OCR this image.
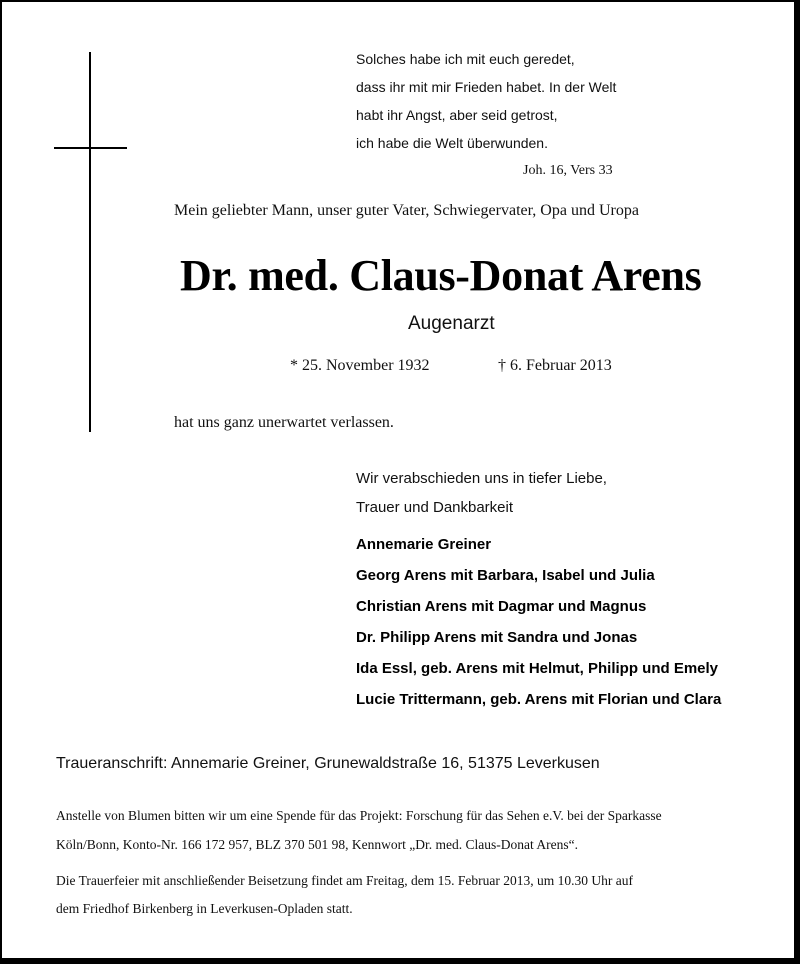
Solches habe ich mit euch geredet,
dass ihr mit mir Frieden habet. In der Welt
habt ihr Angst, aber seid getrost,
ich habe die Welt überwunden.
Joh. 16, Vers 33
Mein geliebter Mann, unser guter Vater, Schwiegervater, Opa und Uropa
Dr. med. Claus-Donat Arens
Augenarzt
* 25. November 1932	† 6. Februar 2013
hat uns ganz unerwartet verlassen.
Wir verabschieden uns in tiefer Liebe,
Trauer und Dankbarkeit
Annemarie Greiner
Georg Arens mit Barbara, Isabel und Julia
Christian Arens mit Dagmar und Magnus
Dr. Philipp Arens mit Sandra und Jonas
Ida Essl, geb. Arens mit Helmut, Philipp und Emely
Lucie Trittermann, geb. Arens mit Florian und Clara
Traueranschrift: Annemarie Greiner, Grunewaldstraße 16, 51375 Leverkusen
Anstelle von Blumen bitten wir um eine Spende für das Projekt: Forschung für das Sehen e.V. bei der Sparkasse
Köln/Bonn, Konto-Nr. 166 172 957, BLZ 370 501 98, Kennwort „Dr. med. Claus-Donat Arens“.
Die Trauerfeier mit anschließender Beisetzung findet am Freitag, dem 15. Februar 2013, um 10.30 Uhr auf
dem Friedhof Birkenberg in Leverkusen-Opladen statt.
